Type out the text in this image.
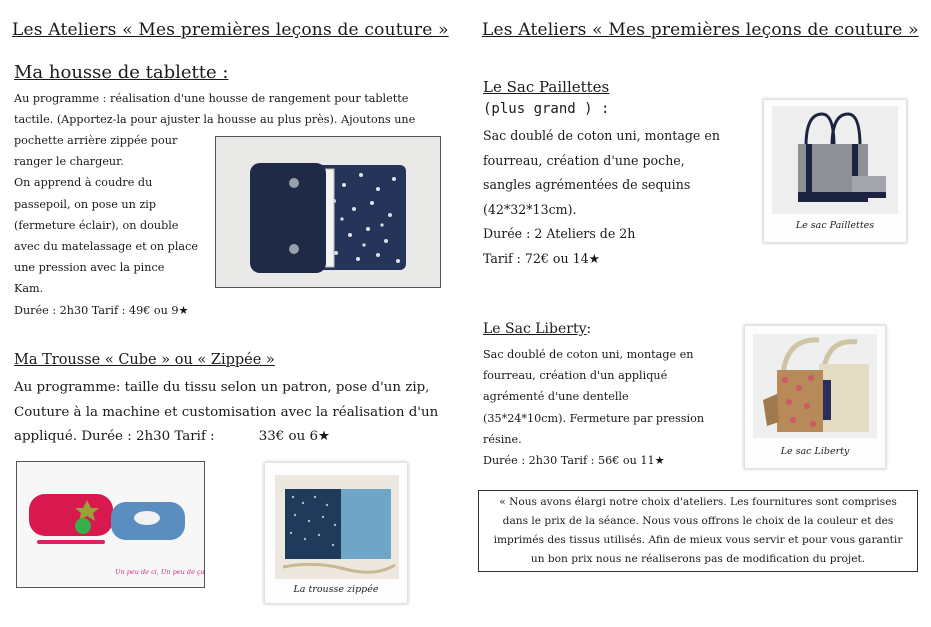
Les Ateliers « Mes premières leçons de couture »
Ma housse de tablette :
Au programme : réalisation d'une housse de rangement pour tablette
tactile. (Apportez-la pour ajuster la housse au plus près). Ajoutons une
pochette arrière zippée pour
ranger le chargeur.
On apprend à coudre du
passepoil, on pose un zip
(fermeture éclair), on double
avec du matelassage et on place
une pression avec la pince
Kam.
Durée : 2h30 Tarif : 49€ ou 9★
Ma Trousse « Cube » ou « Zippée »
Au programme: taille du tissu selon un patron, pose d'un zip,
Couture à la machine et customisation avec la réalisation d'un
appliqué. Durée : 2h30 Tarif :	33€ ou 6★
Un peu de ci, Un peu de ça
La trousse zippée
Les Ateliers « Mes premières leçons de couture »
Le Sac Paillettes
(plus grand ) :
Sac doublé de coton uni, montage en
fourreau, création d'une poche,
sangles agrémentées de sequins
(42*32*13cm).
Durée : 2 Ateliers de 2h
Tarif : 72€ ou 14★
Le sac Paillettes
Le Sac Liberty:
Sac doublé de coton uni, montage en
fourreau, création d'un appliqué
agrémenté d'une dentelle
(35*24*10cm). Fermeture par pression
résine.
Durée : 2h30 Tarif : 56€ ou 11★
Le sac Liberty
« Nous avons élargi notre choix d'ateliers. Les fournitures sont comprises
dans le prix de la séance. Nous vous offrons le choix de la couleur et des
imprimés des tissus utilisés. Afin de mieux vous servir et pour vous garantir
un bon prix nous ne réaliserons pas de modification du projet.
